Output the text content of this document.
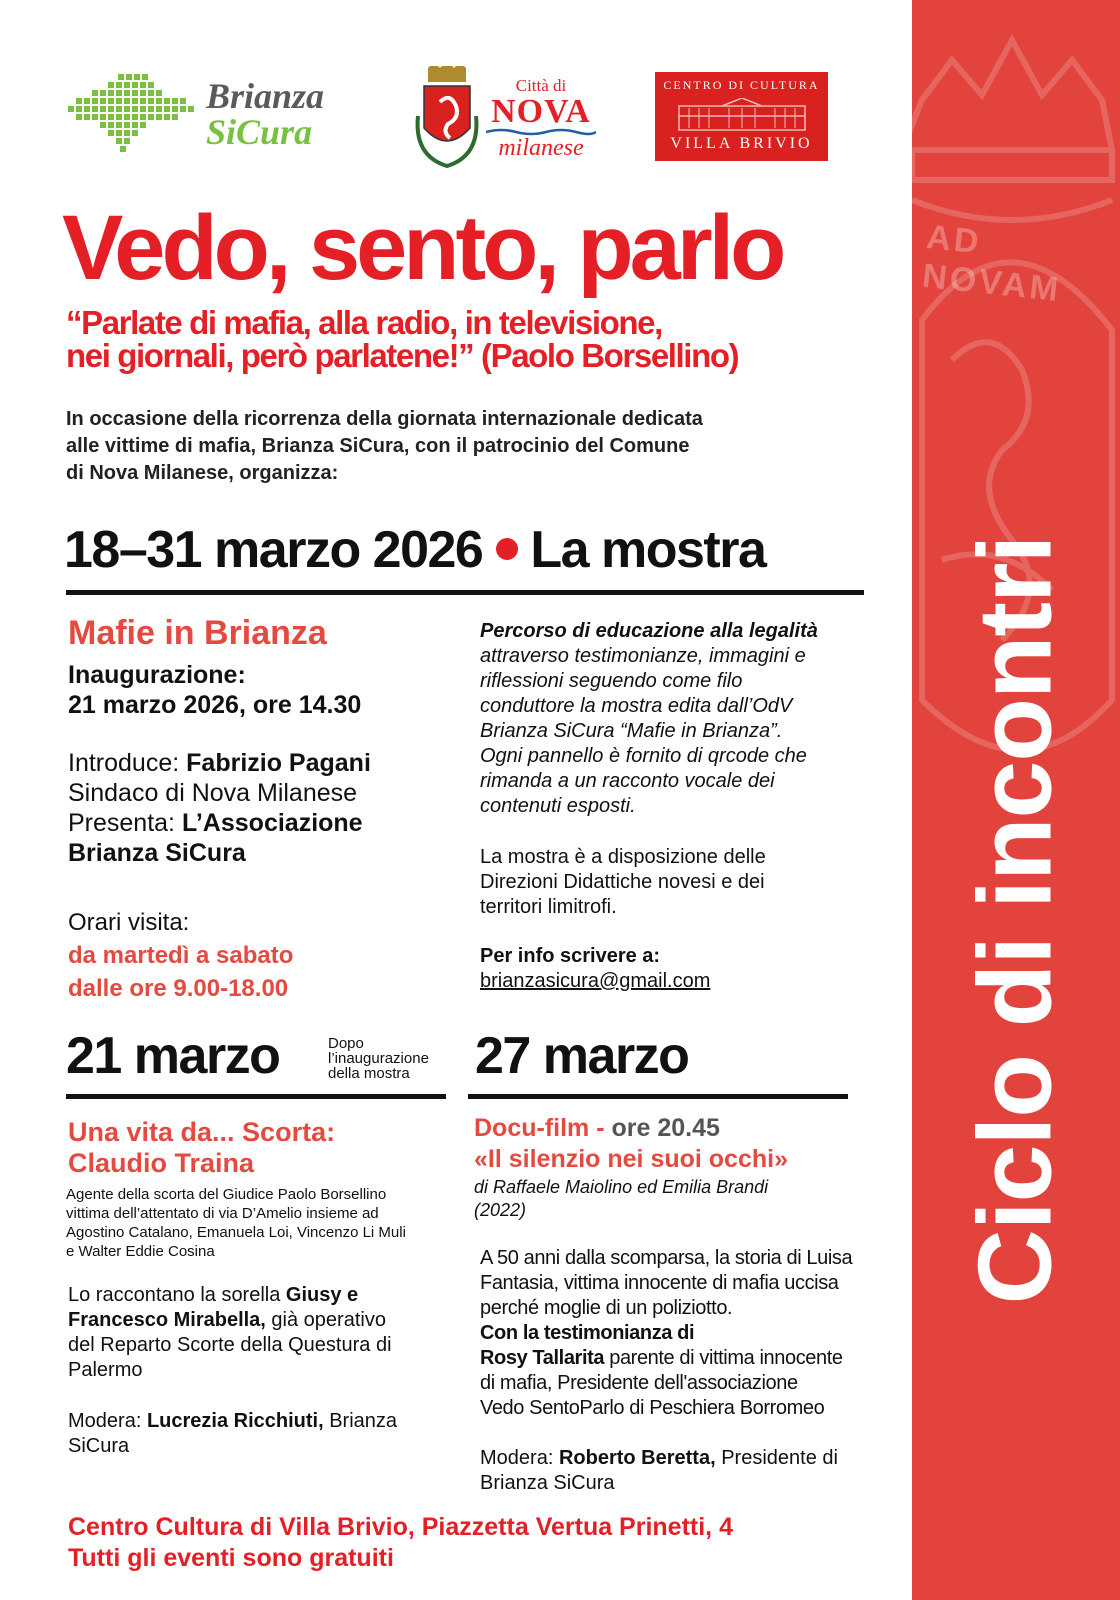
AD NOVAM
Ciclo di incontri
Brianza
SiCura
Città di
NOVA
milanese
CENTRO DI CULTURA
VILLA BRIVIO
Vedo, sento, parlo
“Parlate di mafia, alla radio, in televisione,
nei giornali, però parlatene!” (Paolo Borsellino)
In occasione della ricorrenza della giornata internazionale dedicata
alle vittime di mafia, Brianza SiCura, con il patrocinio del Comune
di Nova Milanese, organizza:
18–31 marzo 2026 La mostra
Mafie in Brianza
Inaugurazione:
21 marzo 2026, ore 14.30
Introduce: Fabrizio Pagani
Sindaco di Nova Milanese
Presenta: L’Associazione
Brianza SiCura
Orari visita:
da martedì a sabato
dalle ore 9.00-18.00
Percorso di educazione alla legalità
attraverso testimonianze, immagini e
riflessioni seguendo come filo
conduttore la mostra edita dall’OdV
Brianza SiCura “Mafie in Brianza”.
Ogni pannello è fornito di qrcode che
rimanda a un racconto vocale dei
contenuti esposti.
La mostra è a disposizione delle
Direzioni Didattiche novesi e dei
territori limitrofi.
Per info scrivere a:
brianzasicura@gmail.com
21 marzo	Dopo
l’inaugurazione
della mostra
Una vita da... Scorta:
Claudio Traina
Agente della scorta del Giudice Paolo Borsellino
vittima dell’attentato di via D’Amelio insieme ad
Agostino Catalano, Emanuela Loi, Vincenzo Li Muli
e Walter Eddie Cosina
Lo raccontano la sorella Giusy e
Francesco Mirabella, già operativo
del Reparto Scorte della Questura di
Palermo
Modera: Lucrezia Ricchiuti, Brianza
SiCura
27 marzo
Docu-film - ore 20.45
«Il silenzio nei suoi occhi»
di Raffaele Maiolino ed Emilia Brandi
(2022)
A 50 anni dalla scomparsa, la storia di Luisa
Fantasia, vittima innocente di mafia uccisa
perché moglie di un poliziotto.
Con la testimonianza di
Rosy Tallarita parente di vittima innocente
di mafia, Presidente dell'associazione
Vedo SentoParlo di Peschiera Borromeo
Modera: Roberto Beretta, Presidente di
Brianza SiCura
Centro Cultura di Villa Brivio, Piazzetta Vertua Prinetti, 4
Tutti gli eventi sono gratuiti
